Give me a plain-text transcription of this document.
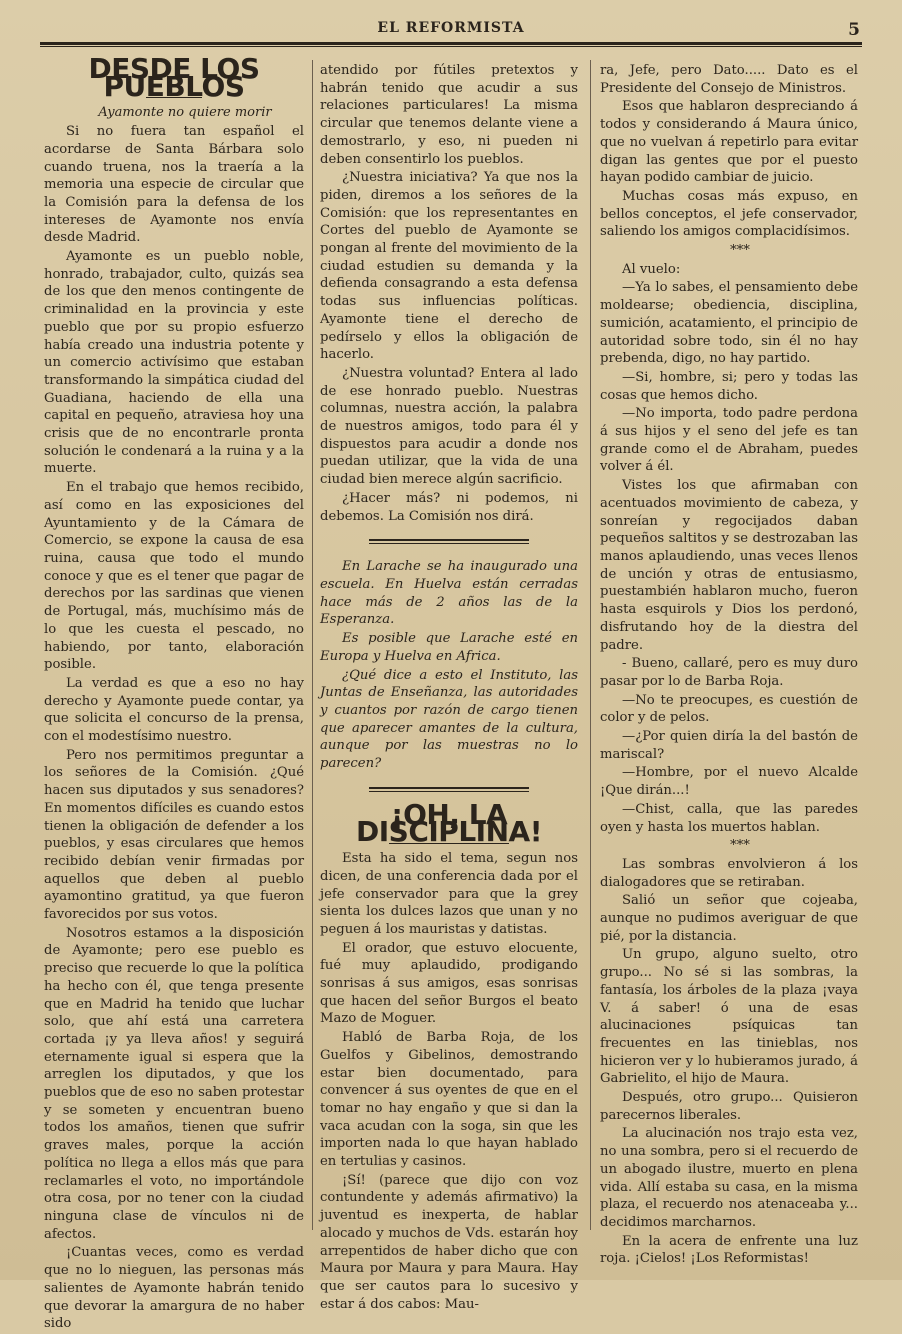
EL REFORMISTA	5
DESDE LOS PUEBLOS

Ayamonte no quiere morir

Si no fuera tan español el acordarse de Santa Bárbara solo cuando truena, nos la traería a la memoria una especie de circular que la Comisión para la defensa de los intereses de Ayamonte nos envía desde Madrid.

Ayamonte es un pueblo noble, honrado, trabajador, culto, quizás sea de los que den menos contingente de criminalidad en la provincia y este pueblo que por su propio esfuerzo había creado una industria potente y un comercio activísimo que estaban transformando la simpática ciudad del Guadiana, haciendo de ella una capital en pequeño, atraviesa hoy una crisis que de no encontrarle pronta solución le condenará a la ruina y a la muerte.

En el trabajo que hemos recibido, así como en las exposiciones del Ayuntamiento y de la Cámara de Comercio, se expone la causa de esa ruina, causa que todo el mundo conoce y que es el tener que pagar de derechos por las sardinas que vienen de Portugal, más, muchísimo más de lo que les cuesta el pescado, no habiendo, por tanto, elaboración posible.

La verdad es que a eso no hay derecho y Ayamonte puede contar, ya que solicita el concurso de la prensa, con el modestísimo nuestro.

Pero nos permitimos preguntar a los señores de la Comisión. ¿Qué hacen sus diputados y sus senadores? En momentos difíciles es cuando estos tienen la obligación de defender a los pueblos, y esas circulares que hemos recibido debían venir firmadas por aquellos que deben al pueblo ayamontino gratitud, ya que fueron favorecidos por sus votos.

Nosotros estamos a la disposición de Ayamonte; pero ese pueblo es preciso que recuerde lo que la política ha hecho con él, que tenga presente que en Madrid ha tenido que luchar solo, que ahí está una carretera cortada ¡y ya lleva años! y seguirá eternamente igual si espera que la arreglen los diputados, y que los pueblos que de eso no saben protestar y se someten y encuentran bueno todos los amaños, tienen que sufrir graves males, porque la acción política no llega a ellos más que para reclamarles el voto, no importándole otra cosa, por no tener con la ciudad ninguna clase de vínculos ni de afectos.

¡Cuantas veces, como es verdad que no lo nieguen, las personas más salientes de Ayamonte habrán tenido que devorar la amargura de no haber sido

atendido por fútiles pretextos y habrán tenido que acudir a sus relaciones particulares! La misma circular que tenemos delante viene a demostrarlo, y eso, ni pueden ni deben consentirlo los pueblos.

¿Nuestra iniciativa? Ya que nos la piden, diremos a los señores de la Comisión: que los representantes en Cortes del pueblo de Ayamonte se pongan al frente del movimiento de la ciudad estudien su demanda y la defienda consagrando a esta defensa todas sus influencias políticas. Ayamonte tiene el derecho de pedírselo y ellos la obligación de hacerlo.

¿Nuestra voluntad? Entera al lado de ese honrado pueblo. Nuestras columnas, nuestra acción, la palabra de nuestros amigos, todo para él y dispuestos para acudir a donde nos puedan utilizar, que la vida de una ciudad bien merece algún sacrificio.

¿Hacer más? ni podemos, ni debemos. La Comisión nos dirá.

En Larache se ha inaugurado una escuela. En Huelva están cerradas hace más de 2 años las de la Esperanza.

Es posible que Larache esté en Europa y Huelva en Africa.

¿Qué dice a esto el Instituto, las Juntas de Enseñanza, las autoridades y cuantos por razón de cargo tienen que aparecer amantes de la cultura, aunque por las muestras no lo parecen?

¡OH, LA DISCIPLINA!

Esta ha sido el tema, segun nos dicen, de una conferencia dada por el jefe conservador para que la grey sienta los dulces lazos que unan y no peguen á los mauristas y datistas.

El orador, que estuvo elocuente, fué muy aplaudido, prodigando sonrisas á sus amigos, esas sonrisas que hacen del señor Burgos el beato Mazo de Moguer.

Habló de Barba Roja, de los Guelfos y Gibelinos, demostrando estar bien documentado, para convencer á sus oyentes de que en el tomar no hay engaño y que si dan la vaca acudan con la soga, sin que les importen nada lo que hayan hablado en tertulias y casinos.

¡Sí! (parece que dijo con voz contundente y además afirmativo) la juventud es inexperta, de hablar alocado y muchos de Vds. estarán hoy arrepentidos de haber dicho que con Maura por Maura y para Maura. Hay que ser cautos para lo sucesivo y estar á dos cabos: Mau-

ra, Jefe, pero Dato..... Dato es el Presidente del Consejo de Ministros.

Esos que hablaron despreciando á todos y considerando á Maura único, que no vuelvan á repetirlo para evitar digan las gentes que por el puesto hayan podido cambiar de juicio.

Muchas cosas más expuso, en bellos conceptos, el jefe conservador, saliendo los amigos complacidísimos.

***

Al vuelo:

—Ya lo sabes, el pensamiento debe moldearse; obediencia, disciplina, sumición, acatamiento, el principio de autoridad sobre todo, sin él no hay prebenda, digo, no hay partido.

—Si, hombre, si; pero y todas las cosas que hemos dicho.

—No importa, todo padre perdona á sus hijos y el seno del jefe es tan grande como el de Abraham, puedes volver á él.

Vistes los que afirmaban con acentuados movimiento de cabeza, y sonreían y regocijados daban pequeños saltitos y se destrozaban las manos aplaudiendo, unas veces llenos de unción y otras de entusiasmo, puestambién hablaron mucho, fueron hasta esquirols y Dios los perdonó, disfrutando hoy de la diestra del padre.

- Bueno, callaré, pero es muy duro pasar por lo de Barba Roja.

—No te preocupes, es cuestión de color y de pelos.

—¿Por quien diría la del bastón de mariscal?

—Hombre, por el nuevo Alcalde ¡Que dirán...!

—Chist, calla, que las paredes oyen y hasta los muertos hablan.

***

Las sombras envolvieron á los dialogadores que se retiraban.

Salió un señor que cojeaba, aunque no pudimos averiguar de que pié, por la distancia.

Un grupo, alguno suelto, otro grupo... No sé si las sombras, la fantasía, los árboles de la plaza ¡vaya V. á saber! ó una de esas alucinaciones psíquicas tan frecuentes en las tinieblas, nos hicieron ver y lo hubieramos jurado, á Gabrielito, el hijo de Maura.

Después, otro grupo... Quisieron parecernos liberales.

La alucinación nos trajo esta vez, no una sombra, pero si el recuerdo de un abogado ilustre, muerto en plena vida. Allí estaba su casa, en la misma plaza, el recuerdo nos atenaceaba y... decidimos marcharnos.

En la acera de enfrente una luz roja. ¡Cielos! ¡Los Reformistas!
